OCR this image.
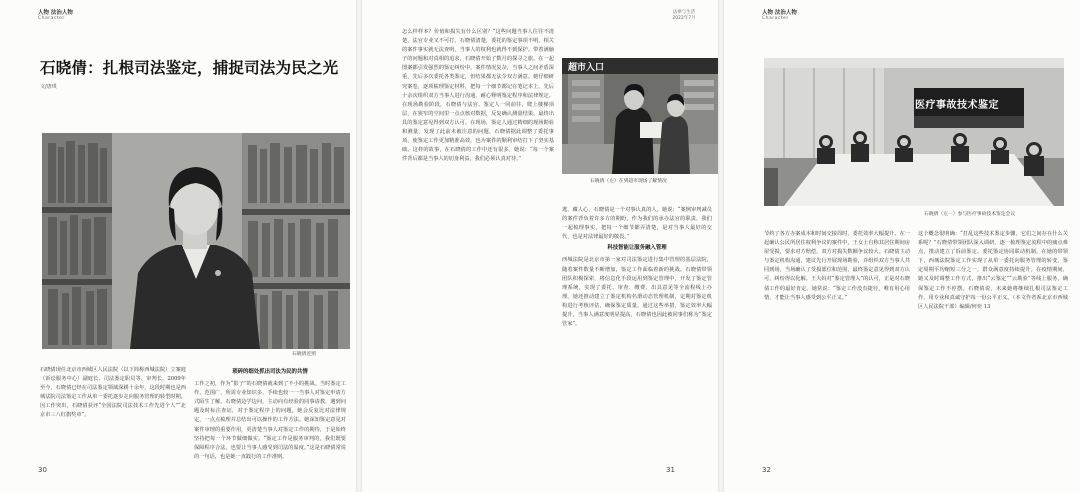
人物 法治人物
Character
石晓倩：扎根司法鉴定，捕捉司法为民之光
文/唐琪
石晓倩近照
石晓倩现任北京市西城区人民法院（以下简称西城法院）立案庭（诉讼服务中心）副庭长、司法鉴定职员等、审判长。2009年至今，石晓倩已经在司法鉴定领域深耕十余年，这段时期也是西城法院司法鉴定工作从单一委托逐步走向服务管理的转型时期。因工作突出，石晓倩获评“全国法院司法技术工作先进个人”“北京市三八红旗奖章”。
琐碎的细处抓出司法为民的共情
工作之初，作为“影子”的石晓倩就来到了不小的挑战。当时鉴定工作，范围广、所需专业知识多，手续也较一一当事人对鉴定申请方式陌生了解。石晓倩边学边问，主动向有经验的同事请教，遇到问题及时标注查证，对于鉴定程序上的问题，她会反复比对法律规定，一点点梳理并总结出可以操作的工作方法。她深知鉴定意见对案件审理的重要作用，更清楚当事人对鉴定工作的期待，于是始终坚持把每一个环节做细做实。“鉴定工作是服务审判的，我们既要保障程序合法，也要让当事人感受到司法的温度。”这是石晓倩常说的一句话，也是她一直践行的工作准则。
30
法律与生活
2022年7月
怎么样样本？价值和损失有什么区别？“这些问题当事人往往不清楚，法官专业又不可打。石晓倩清楚，委托的鉴定事项不明，相关的案件事实就无法查明，当事人的权利也就得不到保护。带着满脑子的问题和对真相的追求，石晓倩开始了数月的探寻之旅。在一起图案都引发强烈的鉴定纠纷中，案件情况复杂，当事人之间矛盾深重，先后多次委托各类鉴定，但结果都无法令双方满意。她仔细研究案卷，逐项梳理鉴定材料，把每一个细节都记在笔记本上，先后十余次组织双方当事人进行沟通，耐心释明鉴定程序和法律规定。在现场勘验阶段，石晓倩与法官、鉴定人一同前往，爬上楼梯顶层，在狭窄的空间里一点点核对数据，反复确认测量结果，最终出具的鉴定意见得到双方认可。在现场，鉴定人通过精细的现场勘验和测量，发现了此前未被注意的问题，石晓倩据此调整了委托事项，使鉴定工作更加精准高效，也为案件的顺利审结打下了坚实基础。这样的故事，在石晓倩的工作中还有很多。她说：“每一个案件背后都是当事人的切身利益，我们必须认真对待。”
超市入口
石晓倩（左）在到超市现场了解情况
逃、藏人心，石晓倩是一个对事认真的人。她说：“案例审判减员的案件背负着许多方的期盼，作为我们的承办法官的职责，我们一起梳理事实，把每一个细节都弄清楚，是对当事人最好的交代，也是对法律最好的敬畏。”
科技智能让服务融入管理
西城法院是北京市第一家对司法鉴定进行集中管理的基层法院，随着案件数量不断增加，鉴定工作面临着新的挑战。石晓倩带领团队积极探索，将信息化手段运用到鉴定管理中，开发了鉴定管理系统，实现了委托、审查、缴费、出具意见等全流程线上办理。她还推动建立了鉴定机构名册动态管理机制，定期对鉴定机构进行考核评估，确保鉴定质量。通过这些举措，鉴定效率大幅提升，当事人满意度明显提高，石晓倩也因此被同事们称为“鉴定管家”。
31
人物 法治人物
Character
医疗事故技术鉴定
石晓倩（左一）参与医疗事故技术鉴定会议
节约了各方办案成本和时间交接周时，委托效率大幅提升。在一起确认公民所居住权利争议的案件中，王女士自称其居住期间房屋受损，要求对方赔偿，双方对损失数额争议较大。石晓倩主动与鉴定机构沟通，建议先行开展现场勘验，并组织双方当事人共同到场，当场确认了受损部位和范围，最终鉴定意见得到双方认可，纠纷得以化解。王大妈对“鉴定管理人”的认可，正是对石晓倩工作的最好肯定。她常说：“鉴定工作没有捷径，唯有用心用情，才能让当事人感受到公平正义。”
这个概念很明确：“打乱这些技术鉴定步骤，它们之间存在什么关系呢？”石晓倩带领团队深入调研，逐一梳理鉴定流程中的痛点难点，推动建立了诉前鉴定、委托鉴定协同联动机制。在她的带领下，西城法院鉴定工作实现了从单一委托向服务管理的转变，鉴定周期平均缩短三分之一，群众满意度持续提升。在疫情期间，她又及时调整工作方式，推出“云鉴定”“云勘验”等线上服务，确保鉴定工作不停摆。石晓倩说，未来她将继续扎根司法鉴定工作，用专业和真诚守护每一份公平正义。（本文作者系北京市西城区人民法院干部）编辑/何奕 13
32
